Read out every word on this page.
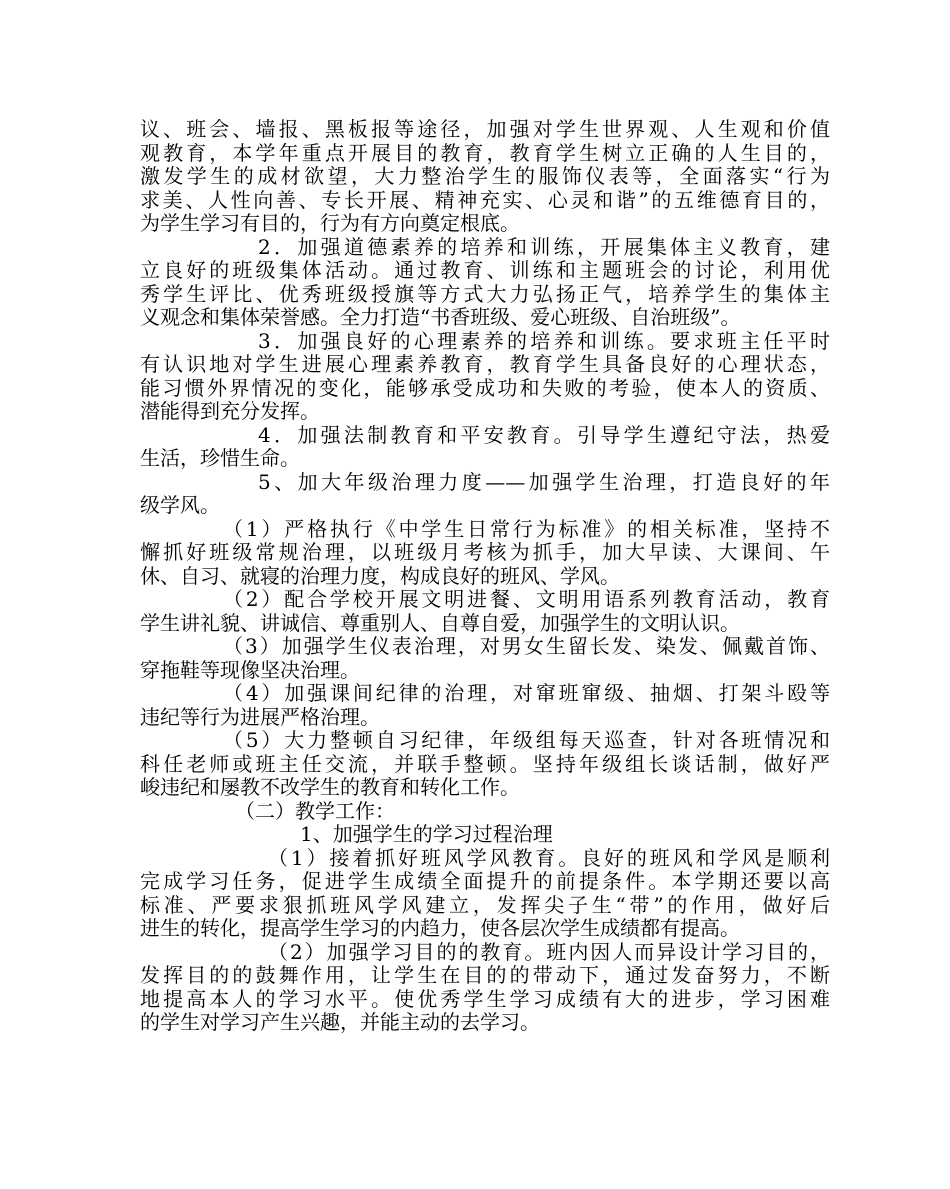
议、班会、墙报、黑板报等途径，加强对学生世界观、人生观和价值
观教育，本学年重点开展目的教育，教育学生树立正确的人生目的，
激发学生的成材欲望，大力整治学生的服饰仪表等，全面落实“行为
求美、人性向善、专长开展、精神充实、心灵和谐”的五维德育目的，
为学生学习有目的，行为有方向奠定根底。
2．加强道德素养的培养和训练，开展集体主义教育，建
立良好的班级集体活动。通过教育、训练和主题班会的讨论，利用优
秀学生评比、优秀班级授旗等方式大力弘扬正气，培养学生的集体主
义观念和集体荣誉感。全力打造“书香班级、爱心班级、自治班级”。
3．加强良好的心理素养的培养和训练。要求班主任平时
有认识地对学生进展心理素养教育，教育学生具备良好的心理状态，
能习惯外界情况的变化，能够承受成功和失败的考验，使本人的资质、
潜能得到充分发挥。
4．加强法制教育和平安教育。引导学生遵纪守法，热爱
生活，珍惜生命。
5、加大年级治理力度——加强学生治理，打造良好的年
级学风。
（1）严格执行《中学生日常行为标准》的相关标准，坚持不
懈抓好班级常规治理，以班级月考核为抓手，加大早读、大课间、午
休、自习、就寝的治理力度，构成良好的班风、学风。
（2）配合学校开展文明进餐、文明用语系列教育活动，教育
学生讲礼貌、讲诚信、尊重别人、自尊自爱，加强学生的文明认识。
（3）加强学生仪表治理，对男女生留长发、染发、佩戴首饰、
穿拖鞋等现像坚决治理。
（4）加强课间纪律的治理，对窜班窜级、抽烟、打架斗殴等
违纪等行为进展严格治理。
（5）大力整顿自习纪律，年级组每天巡查，针对各班情况和
科任老师或班主任交流，并联手整顿。坚持年级组长谈话制，做好严
峻违纪和屡教不改学生的教育和转化工作。
（二）教学工作：
1、加强学生的学习过程治理
（1）接着抓好班风学风教育。良好的班风和学风是顺利
完成学习任务，促进学生成绩全面提升的前提条件。本学期还要以高
标准、严要求狠抓班风学风建立，发挥尖子生“带”的作用，做好后
进生的转化，提高学生学习的内趋力，使各层次学生成绩都有提高。
（2）加强学习目的的教育。班内因人而异设计学习目的，
发挥目的的鼓舞作用，让学生在目的的带动下，通过发奋努力，不断
地提高本人的学习水平。使优秀学生学习成绩有大的进步，学习困难
的学生对学习产生兴趣，并能主动的去学习。
